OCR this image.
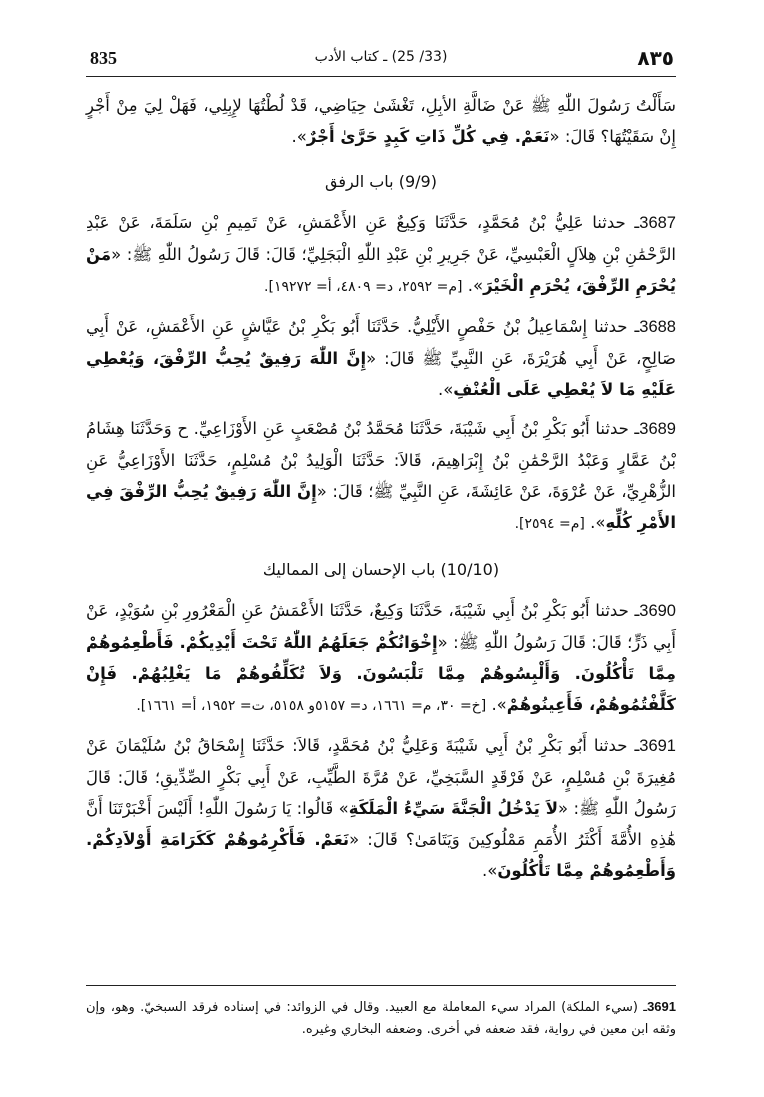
835	(33/ 25) ـ كتاب الأدب	٨٣٥

سَأَلْتُ رَسُولَ اللّٰهِ ﷺ عَنْ ضَالَّةِ الأبِلِ، تَغْشَىٰ حِيَاضِي، قَدْ لُطْتُهَا لإِبِلِي، فَهَلْ لِيَ مِنْ أَجْرٍ إِنْ سَقَيْتُهَا؟ قَالَ: «نَعَمْ. فِي كُلِّ ذَاتِ كَبِدٍ حَرَّىٰ أَجْرٌ».

(9/9) باب الرفق

3687ـ حدثنا عَلِيُّ بْنُ مُحَمَّدٍ، حَدَّثَنَا وَكِيعٌ عَنِ الأَعْمَشِ، عَنْ تَمِيمِ بْنِ سَلَمَةَ، عَنْ عَبْدِ الرَّحْمَٰنِ بْنِ هِلاَلٍ الْعَبْسِيِّ، عَنْ جَرِيرِ بْنِ عَبْدِ اللّٰهِ الْبَجَلِيِّ؛ قَالَ: قَالَ رَسُولُ اللّٰهِ ﷺ: «مَنْ يُحْرَمِ الرِّفْقَ، يُحْرَمِ الْخَيْرَ». [م= ٢٥٩٢، د= ٤٨٠٩، أ= ١٩٢٧٢].

3688ـ حدثنا إِسْمَاعِيلُ بْنُ حَفْصٍ الأَيْلِيُّ. حَدَّثَنَا أَبُو بَكْرِ بْنُ عَيَّاشٍ عَنِ الأَعْمَشِ، عَنْ أَبِي صَالِحٍ، عَنْ أَبِي هُرَيْرَةَ، عَنِ النَّبِيِّ ﷺ قَالَ: «إِنَّ اللّٰهَ رَفِيقٌ يُحِبُّ الرِّفْقَ، وَيُعْطِي عَلَيْهِ مَا لاَ يُعْطِي عَلَى الْعُنْفِ».

3689ـ حدثنا أَبُو بَكْرِ بْنُ أَبِي شَيْبَةَ، حَدَّثَنَا مُحَمَّدُ بْنُ مُصْعَبٍ عَنِ الأَوْزَاعِيِّ. ح وَحَدَّثَنَا هِشَامُ بْنُ عَمَّارٍ وَعَبْدُ الرَّحْمَٰنِ بْنُ إِبْرَاهِيمَ، قَالاَ: حَدَّثَنَا الْوَلِيدُ بْنُ مُسْلِمٍ، حَدَّثَنَا الأَوْزَاعِيُّ عَنِ الزُّهْرِيِّ، عَنْ عُرْوَةَ، عَنْ عَائِشَةَ، عَنِ النَّبِيِّ ﷺ؛ قَالَ: «إِنَّ اللّٰهَ رَفِيقٌ يُحِبُّ الرِّفْقَ فِي الأَمْرِ كُلِّهِ». [م= ٢٥٩٤].

(10/10) باب الإحسان إلى المماليك

3690ـ حدثنا أَبُو بَكْرِ بْنُ أَبِي شَيْبَةَ، حَدَّثَنَا وَكِيعٌ، حَدَّثَنَا الأَعْمَشُ عَنِ الْمَعْرُورِ بْنِ سُوَيْدٍ، عَنْ أَبِي ذَرٍّ؛ قَالَ: قَالَ رَسُولُ اللّٰهِ ﷺ: «إِخْوَانُكُمْ جَعَلَهُمُ اللّٰهُ تَحْتَ أَيْدِيكُمْ. فَأَطْعِمُوهُمْ مِمَّا تَأْكُلُونَ. وَأَلْبِسُوهُمْ مِمَّا تَلْبَسُونَ. وَلاَ تُكَلِّفُوهُمْ مَا يَغْلِبُهُمْ. فَإِنْ كَلَّفْتُمُوهُمْ، فَأَعِينُوهُمْ». [خ= ٣٠، م= ١٦٦١، د= ٥١٥٧و ٥١٥٨، ت= ١٩٥٢، أ= ١٦٦١].

3691ـ حدثنا أَبُو بَكْرِ بْنُ أَبِي شَيْبَةَ وَعَلِيُّ بْنُ مُحَمَّدٍ، قَالاَ: حَدَّثَنَا إِسْحَاقُ بْنُ سُلَيْمَانَ عَنْ مُغِيرَةَ بْنِ مُسْلِمٍ، عَنْ فَرْقَدٍ السَّبَخِيِّ، عَنْ مُرَّةَ الطَّيِّبِ، عَنْ أَبِي بَكْرٍ الصِّدِّيقِ؛ قَالَ: قَالَ رَسُولُ اللّٰهِ ﷺ: «لاَ يَدْخُلُ الْجَنَّةَ سَيِّءُ الْمَلَكَةِ» قَالُوا: يَا رَسُولَ اللّٰهِ! أَلَيْسَ أَخْبَرْتَنَا أَنَّ هَٰذِهِ الأُمَّةَ أَكْثَرُ الأُمَمِ مَمْلُوكِينَ وَيَتَامَىٰ؟ قَالَ: «نَعَمْ. فَأَكْرِمُوهُمْ كَكَرَامَةِ أَوْلاَدِكُمْ. وَأَطْعِمُوهُمْ مِمَّا تَأْكُلُونَ».

3691ـ (سيء الملكة) المراد سيء المعاملة مع العبيد. وقال في الزوائد: في إسناده فرقد السبخيّ. وهو، وإن وثقه ابن معين في رواية، فقد ضعفه في أخرى. وضعفه البخاري وغيره.
